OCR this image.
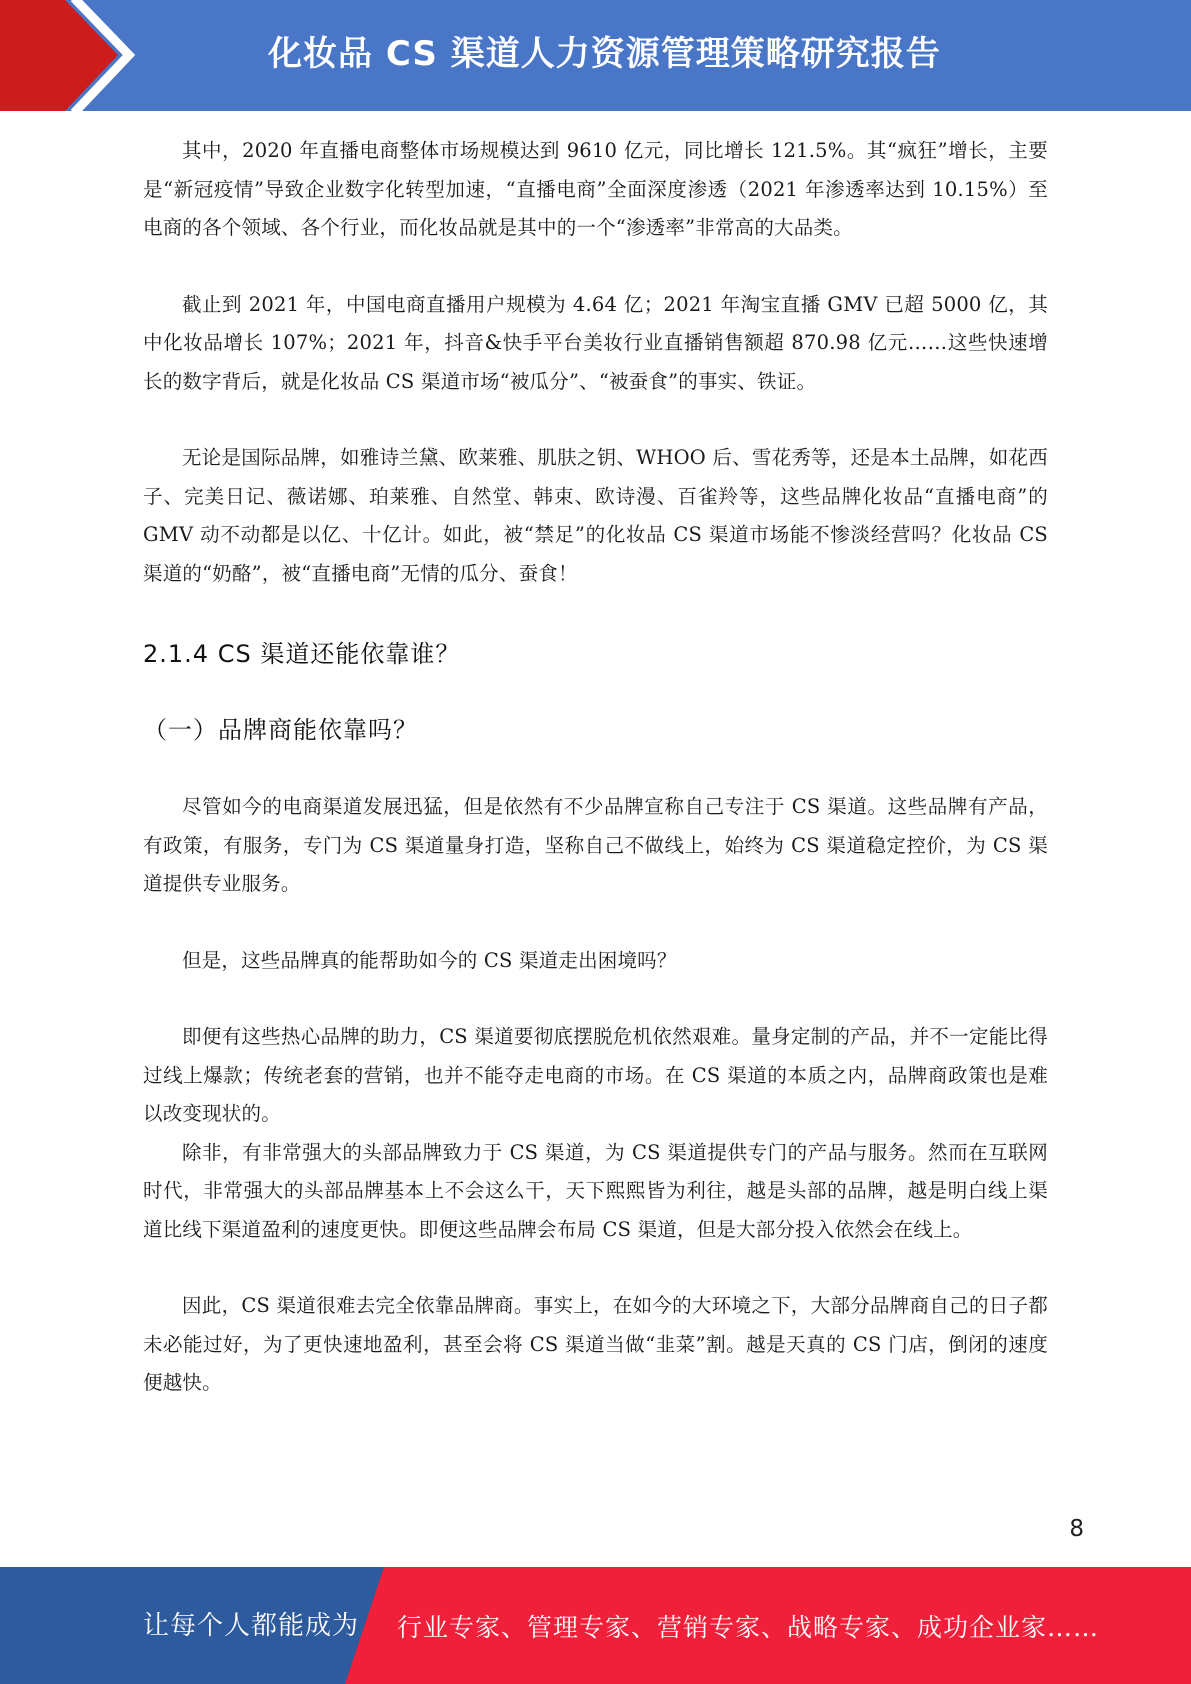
化妆品 CS 渠道人力资源管理策略研究报告

其中，2020 年直播电商整体市场规模达到 9610 亿元，同比增长 121.5%。其“疯狂”增长，主要是“新冠疫情”导致企业数字化转型加速，“直播电商”全面深度渗透（2021 年渗透率达到 10.15%）至电商的各个领域、各个行业，而化妆品就是其中的一个“渗透率”非常高的大品类。

截止到 2021 年，中国电商直播用户规模为 4.64 亿；2021 年淘宝直播 GMV 已超 5000 亿，其中化妆品增长 107%；2021 年，抖音&快手平台美妆行业直播销售额超 870.98 亿元……这些快速增长的数字背后，就是化妆品 CS 渠道市场“被瓜分”、“被蚕食”的事实、铁证。

无论是国际品牌，如雅诗兰黛、欧莱雅、肌肤之钥、WHOO 后、雪花秀等，还是本土品牌，如花西子、完美日记、薇诺娜、珀莱雅、自然堂、韩束、欧诗漫、百雀羚等，这些品牌化妆品“直播电商”的 GMV 动不动都是以亿、十亿计。如此，被“禁足”的化妆品 CS 渠道市场能不惨淡经营吗？化妆品 CS 渠道的“奶酪”，被“直播电商”无情的瓜分、蚕食！

2.1.4 CS 渠道还能依靠谁？
（一）品牌商能依靠吗？

尽管如今的电商渠道发展迅猛，但是依然有不少品牌宣称自己专注于 CS 渠道。这些品牌有产品，有政策，有服务，专门为 CS 渠道量身打造，坚称自己不做线上，始终为 CS 渠道稳定控价，为 CS 渠道提供专业服务。

但是，这些品牌真的能帮助如今的 CS 渠道走出困境吗？

即便有这些热心品牌的助力，CS 渠道要彻底摆脱危机依然艰难。量身定制的产品，并不一定能比得过线上爆款；传统老套的营销，也并不能夺走电商的市场。在 CS 渠道的本质之内，品牌商政策也是难以改变现状的。

除非，有非常强大的头部品牌致力于 CS 渠道，为 CS 渠道提供专门的产品与服务。然而在互联网时代，非常强大的头部品牌基本上不会这么干，天下熙熙皆为利往，越是头部的品牌，越是明白线上渠道比线下渠道盈利的速度更快。即便这些品牌会布局 CS 渠道，但是大部分投入依然会在线上。

因此，CS 渠道很难去完全依靠品牌商。事实上，在如今的大环境之下，大部分品牌商自己的日子都未必能过好，为了更快速地盈利，甚至会将 CS 渠道当做“韭菜”割。越是天真的 CS 门店，倒闭的速度便越快。

8
让每个人都能成为 行业专家、管理专家、营销专家、战略专家、成功企业家……
